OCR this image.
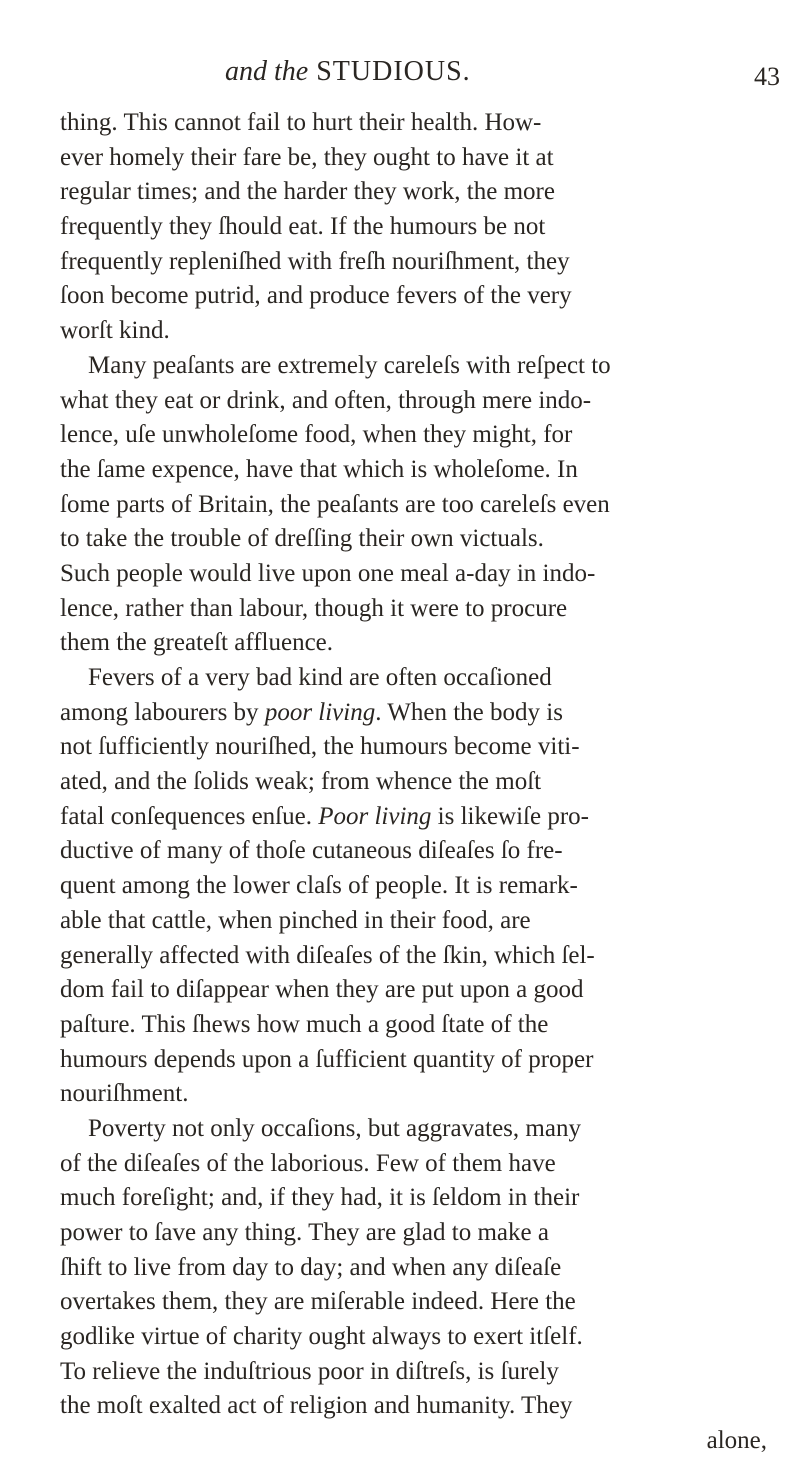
and the STUDIOUS.	43
thing. This cannot fail to hurt their health. How-
ever homely their fare be, they ought to have it at
regular times; and the harder they work, the more
frequently they ſhould eat. If the humours be not
frequently repleniſhed with freſh nouriſhment, they
ſoon become putrid, and produce fevers of the very
worſt kind.
Many peaſants are extremely careleſs with reſpect to
what they eat or drink, and often, through mere indo-
lence, uſe unwholeſome food, when they might, for
the ſame expence, have that which is wholeſome. In
ſome parts of Britain, the peaſants are too careleſs even
to take the trouble of dreſſing their own victuals.
Such people would live upon one meal a-day in indo-
lence, rather than labour, though it were to procure
them the greateſt affluence.
Fevers of a very bad kind are often occaſioned
among labourers by poor living. When the body is
not ſufficiently nouriſhed, the humours become viti-
ated, and the ſolids weak; from whence the moſt
fatal conſequences enſue. Poor living is likewiſe pro-
ductive of many of thoſe cutaneous diſeaſes ſo fre-
quent among the lower claſs of people. It is remark-
able that cattle, when pinched in their food, are
generally affected with diſeaſes of the ſkin, which ſel-
dom fail to diſappear when they are put upon a good
paſture. This ſhews how much a good ſtate of the
humours depends upon a ſufficient quantity of proper
nouriſhment.
Poverty not only occaſions, but aggravates, many
of the diſeaſes of the laborious. Few of them have
much foreſight; and, if they had, it is ſeldom in their
power to ſave any thing. They are glad to make a
ſhift to live from day to day; and when any diſeaſe
overtakes them, they are miſerable indeed. Here the
godlike virtue of charity ought always to exert itſelf.
To relieve the induſtrious poor in diſtreſs, is ſurely
the moſt exalted act of religion and humanity. They
alone,
